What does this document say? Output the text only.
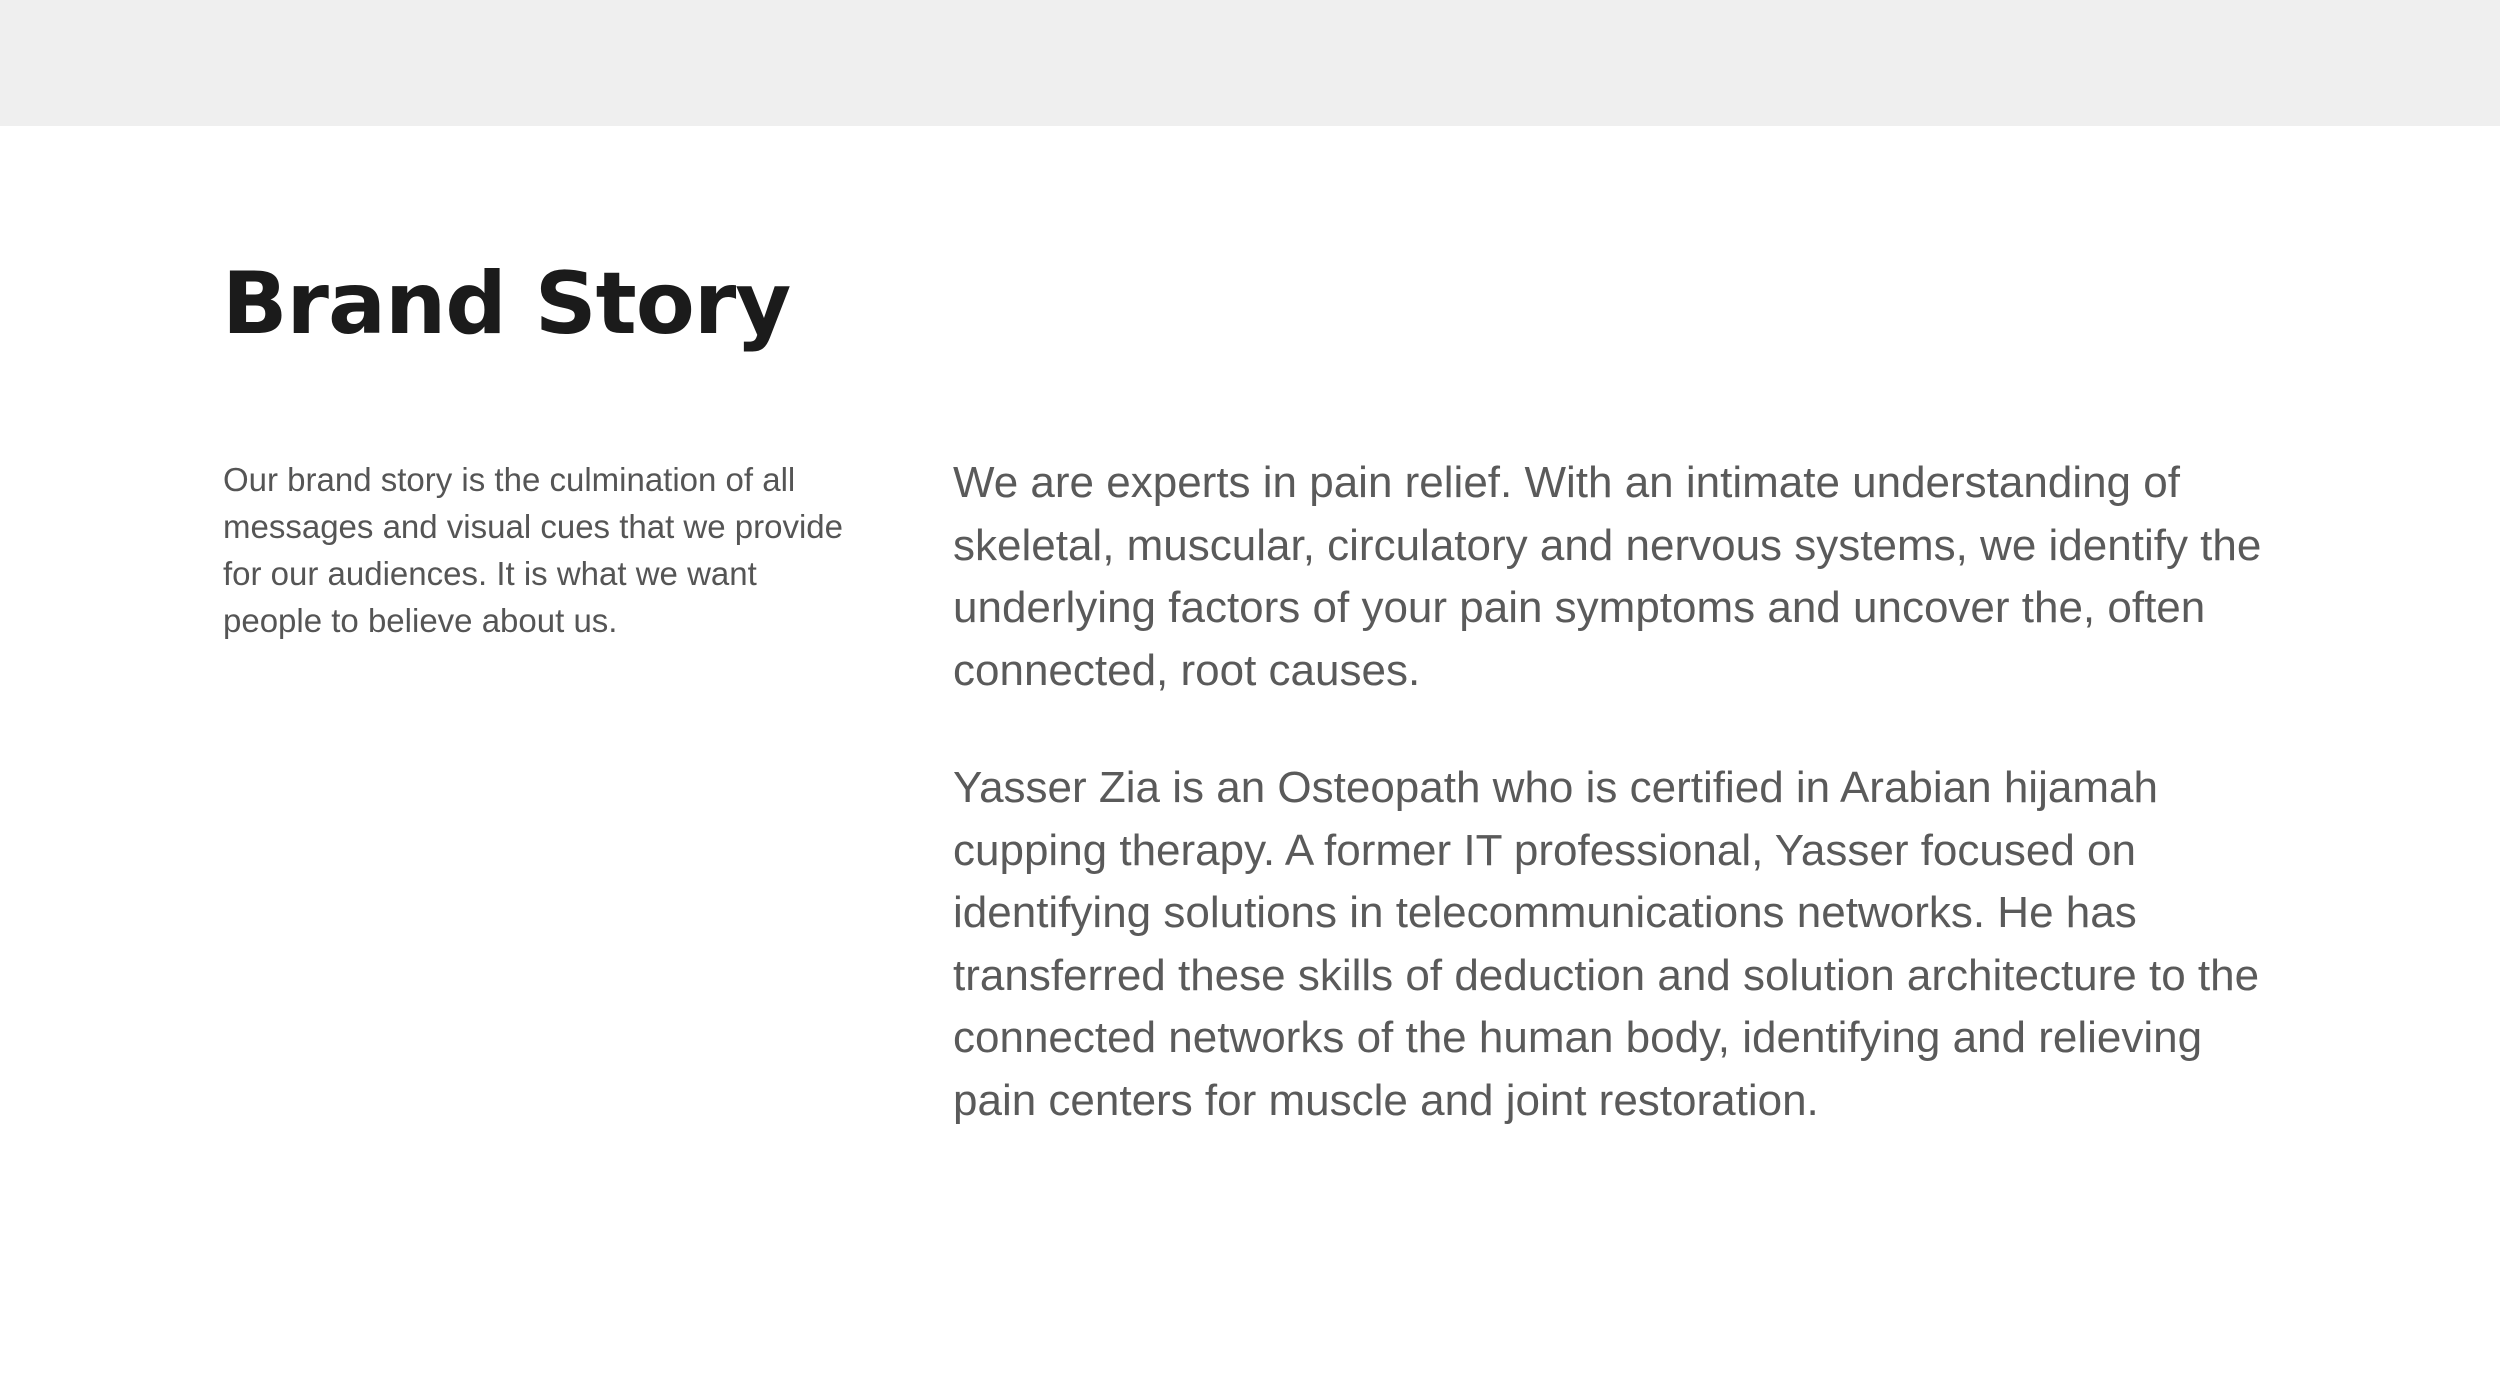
Brand Story

Our brand story is the culmination of all messages and visual cues that we provide for our audiences. It is what we want people to believe about us.

We are experts in pain relief. With an intimate understanding of skeletal, muscular, circulatory and nervous systems, we identify the underlying factors of your pain symptoms and uncover the, often connected, root causes.

Yasser Zia is an Osteopath who is certified in Arabian hijamah cupping therapy. A former IT professional, Yasser focused on identifying solutions in telecommunications networks. He has transferred these skills of deduction and solution architecture to the connected networks of the human body, identifying and relieving pain centers for muscle and joint restoration.
